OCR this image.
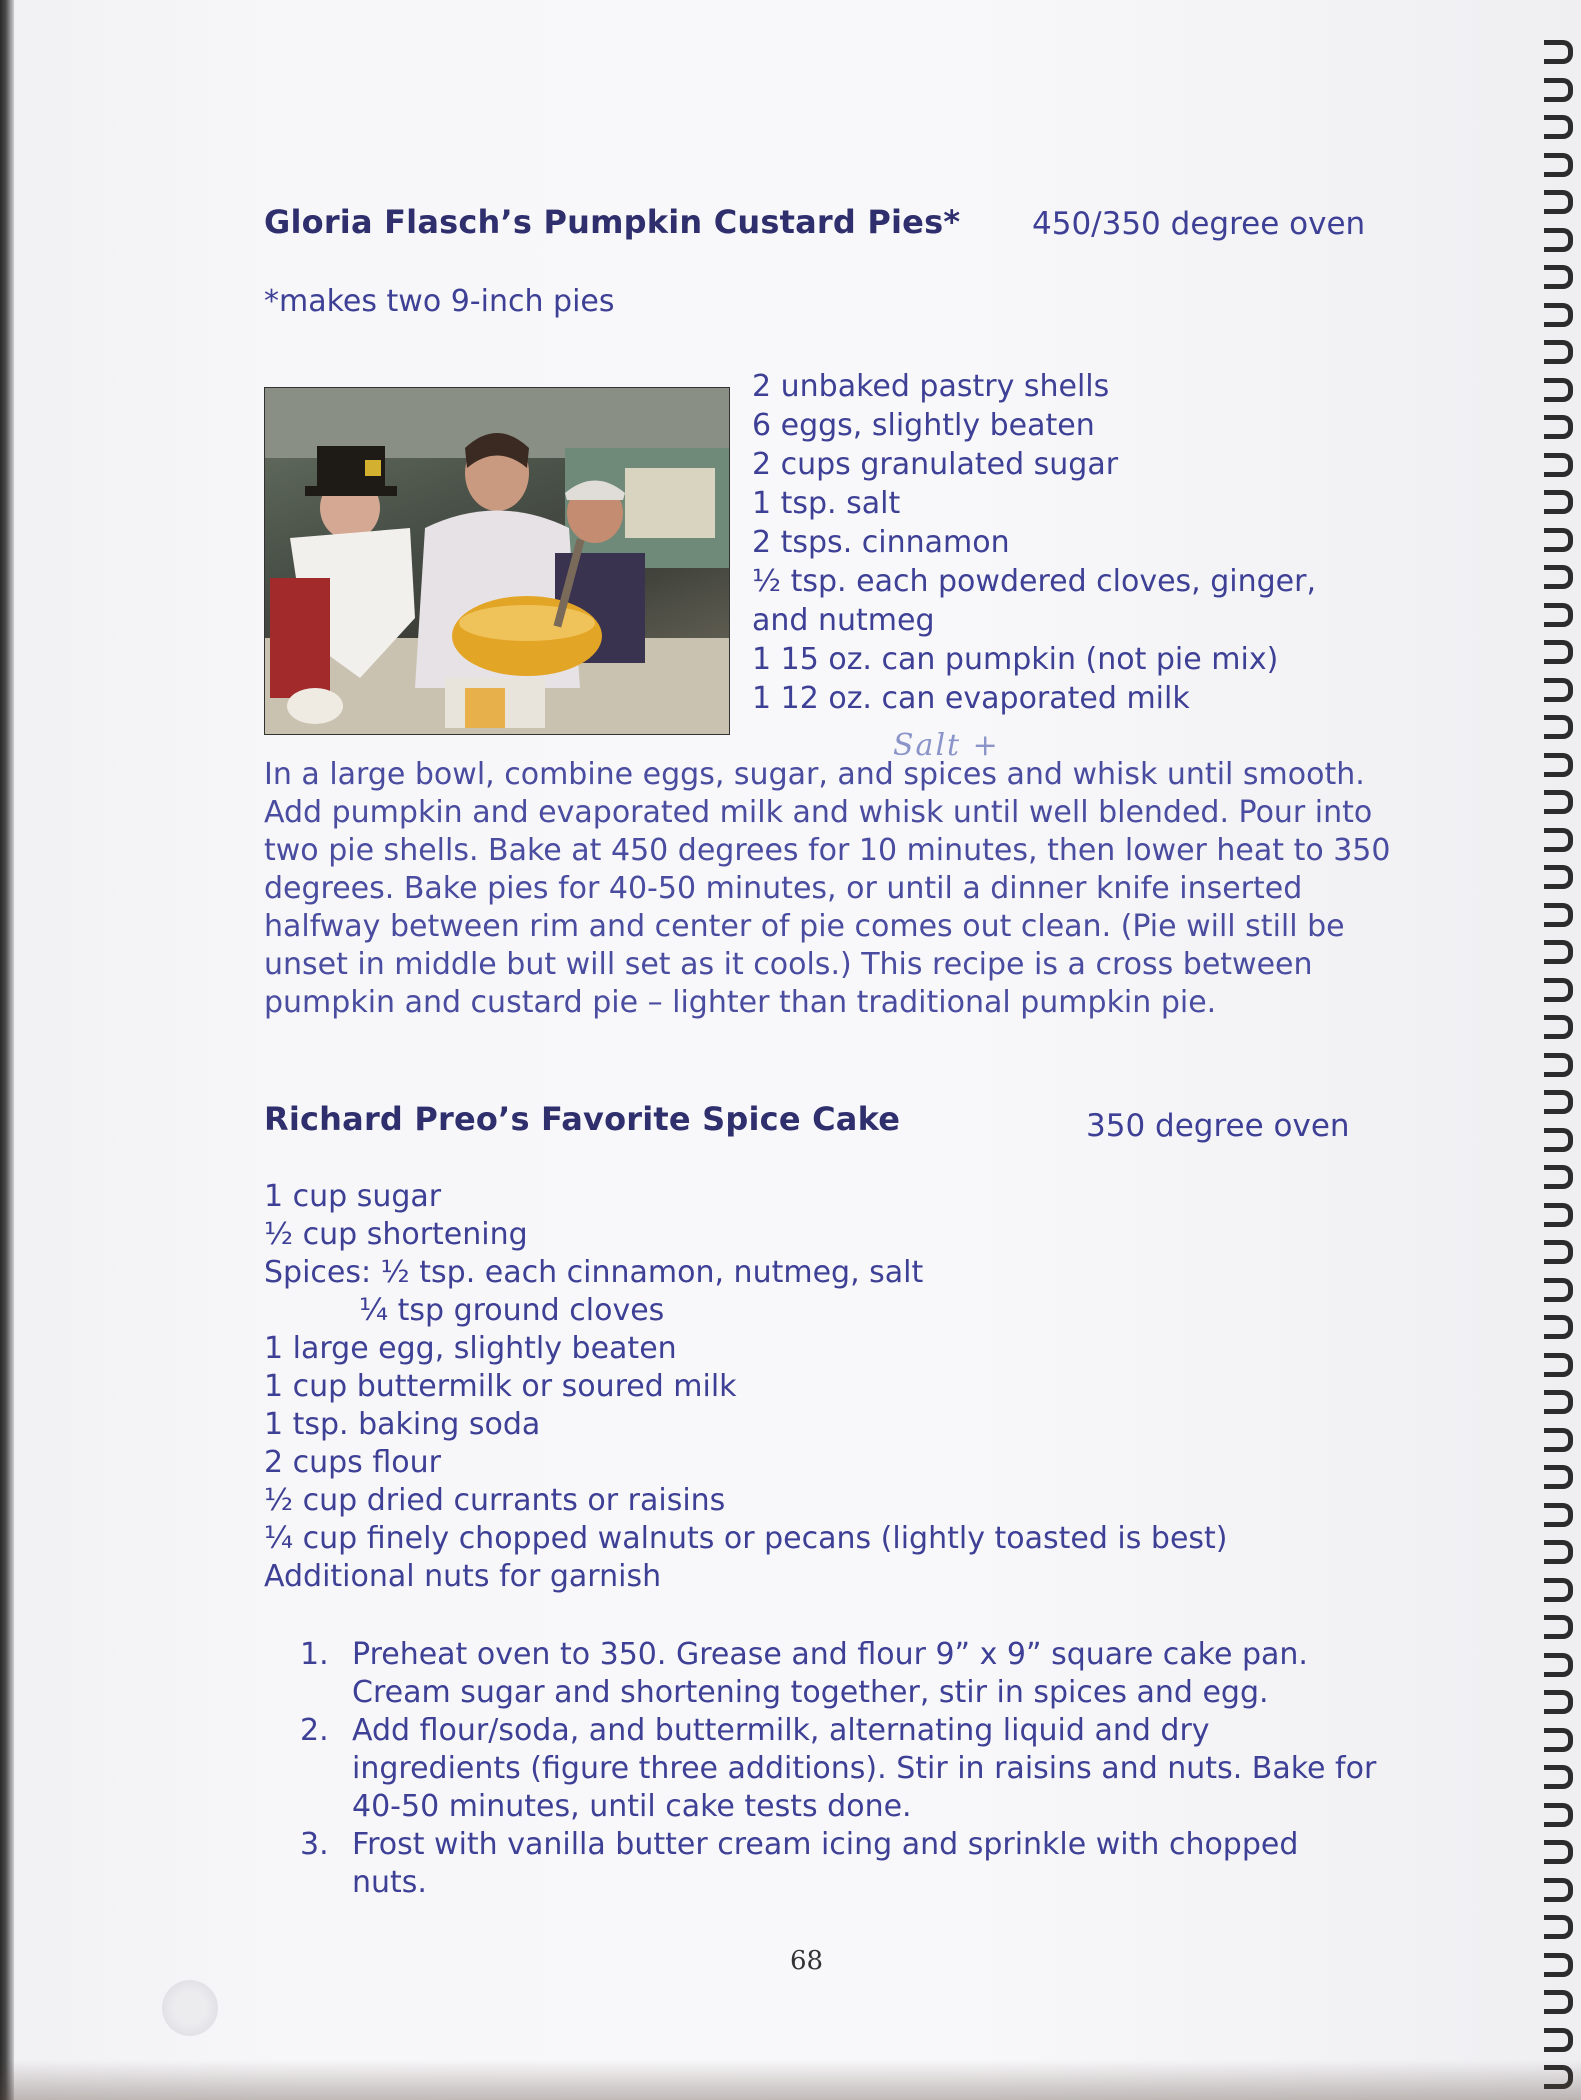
Gloria Flasch’s Pumpkin Custard Pies* 450/350 degree oven
*makes two 9-inch pies
2 unbaked pastry shells
6 eggs, slightly beaten
2 cups granulated sugar
1 tsp. salt
2 tsps. cinnamon
½ tsp. each powdered cloves, ginger,
and nutmeg
1 15 oz. can pumpkin (not pie mix)
1 12 oz. can evaporated milk
Salt +
In a large bowl, combine eggs, sugar, and spices and whisk until smooth.
Add pumpkin and evaporated milk and whisk until well blended. Pour into
two pie shells. Bake at 450 degrees for 10 minutes, then lower heat to 350
degrees. Bake pies for 40-50 minutes, or until a dinner knife inserted
halfway between rim and center of pie comes out clean. (Pie will still be
unset in middle but will set as it cools.) This recipe is a cross between
pumpkin and custard pie – lighter than traditional pumpkin pie.
Richard Preo’s Favorite Spice Cake	350 degree oven
1 cup sugar
½ cup shortening
Spices: ½ tsp. each cinnamon, nutmeg, salt
¼ tsp ground cloves
1 large egg, slightly beaten
1 cup buttermilk or soured milk
1 tsp. baking soda
2 cups flour
½ cup dried currants or raisins
¼ cup finely chopped walnuts or pecans (lightly toasted is best)
Additional nuts for garnish
1. Preheat oven to 350. Grease and flour 9” x 9” square cake pan.
Cream sugar and shortening together, stir in spices and egg.
2. Add flour/soda, and buttermilk, alternating liquid and dry
ingredients (figure three additions). Stir in raisins and nuts. Bake for
40-50 minutes, until cake tests done.
3. Frost with vanilla butter cream icing and sprinkle with chopped nuts.
68
